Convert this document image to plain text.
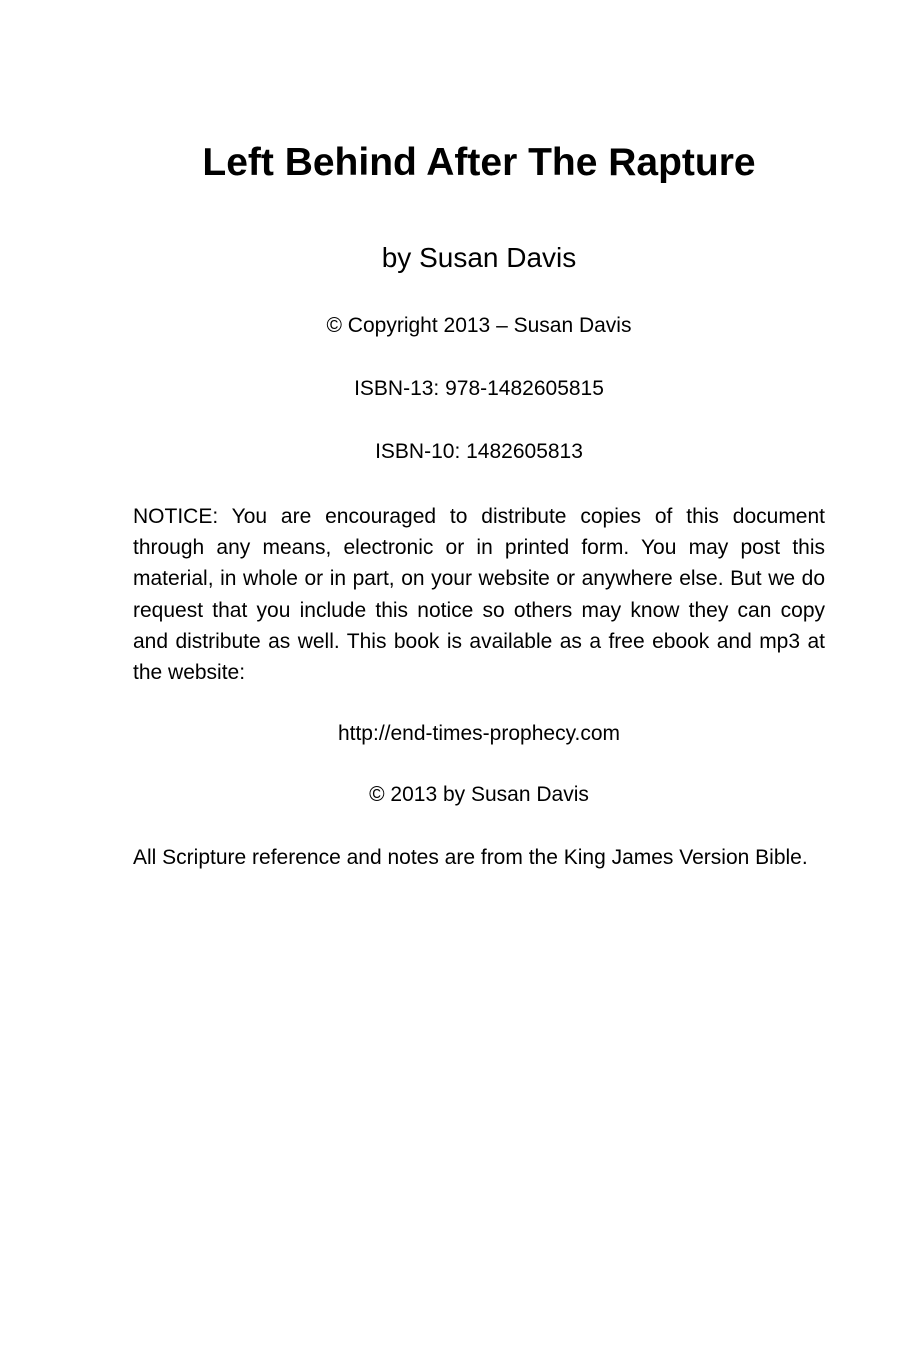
Left Behind After The Rapture

by Susan Davis

© Copyright 2013 – Susan Davis

ISBN-13: 978-1482605815

ISBN-10: 1482605813

NOTICE: You are encouraged to distribute copies of this document through any means, electronic or in printed form. You may post this material, in whole or in part, on your website or anywhere else. But we do request that you include this notice so others may know they can copy and distribute as well. This book is available as a free ebook and mp3 at the website:

http://end-times-prophecy.com

© 2013 by Susan Davis

All Scripture reference and notes are from the King James Version Bible.
